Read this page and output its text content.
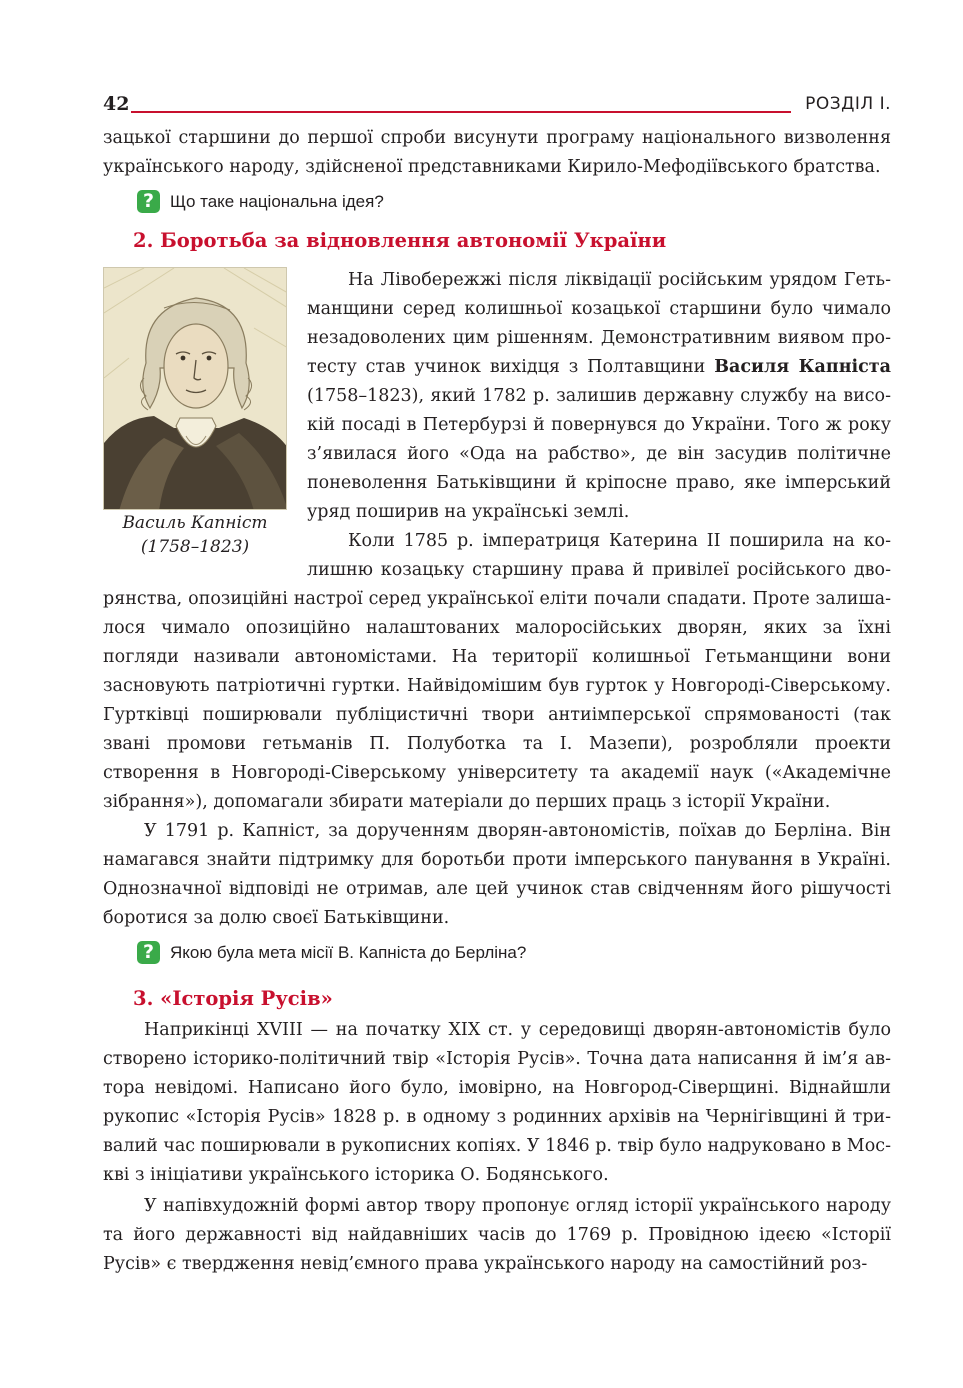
42	РОЗДІЛ І.
зацької старшини до першої спроби висунути програму національного визволення
українського народу, здійсненої представниками Кирило-Мефодіївського братства.
? Що таке національна ідея?
2. Боротьба за відновлення автономії України
Василь Капніст
(1758–1823)
На Лівобережжі після ліквідації російським урядом Геть-
манщини серед колишньої козацької старшини було чимало
незадоволених цим рішенням. Демонстративним виявом про-
тесту став учинок вихідця з Полтавщини Василя Капніста
(1758–1823), який 1782 р. залишив державну службу на висо-
кій посаді в Петербурзі й повернувся до України. Того ж року
з’явилася його «Ода на рабство», де він засудив політичне
поневолення Батьківщини й кріпосне право, яке імперський
уряд поширив на українські землі.
Коли 1785 р. імператриця Катерина ІІ поширила на ко-
лишню козацьку старшину права й привілеї російського дво-

рянства, опозиційні настрої серед української еліти почали спадати. Проте залишалося чимало опозиційно налаштованих малоросійських дворян, яких за їхні погляди називали автономістами. На території колишньої Гетьманщини вони засновують патріотичні гуртки. Найвідомішим був гурток у Новгороді-Сіверському. Гуртківці поширювали публіцистичні твори антиімперської спрямованості (так звані промови гетьманів П. Полуботка та І. Мазепи), розробляли проекти створення в Новгороді-Сіверському університету та академії наук («Академічне зібрання»), допомагали збирати матеріали до перших праць з історії України.

У 1791 р. Капніст, за дорученням дворян-автономістів, поїхав до Берліна. Він намагався знайти підтримку для боротьби проти імперського панування в Україні. Однозначної відповіді не отримав, але цей учинок став свідченням його рішучості боротися за долю своєї Батьківщини.

? Якою була мета місії В. Капніста до Берліна?
3. «Історія Русів»

Наприкінці XVIII — на початку XIX ст. у середовищі дворян-автономістів було створено історико-політичний твір «Історія Русів». Точна дата написання й ім’я автора невідомі. Написано його було, імовірно, на Новгород-Сіверщині. Віднайшли рукопис «Історія Русів» 1828 р. в одному з родинних архівів на Чернігівщині й тривалий час поширювали в рукописних копіях. У 1846 р. твір було надруковано в Москві з ініціативи українського історика О. Бодянського.

У напівхудожній формі автор твору пропонує огляд історії українського народу та його державності від найдавніших часів до 1769 р. Провідною ідеєю «Історії Русів» є твердження невід’ємного права українського народу на самостійний роз-
